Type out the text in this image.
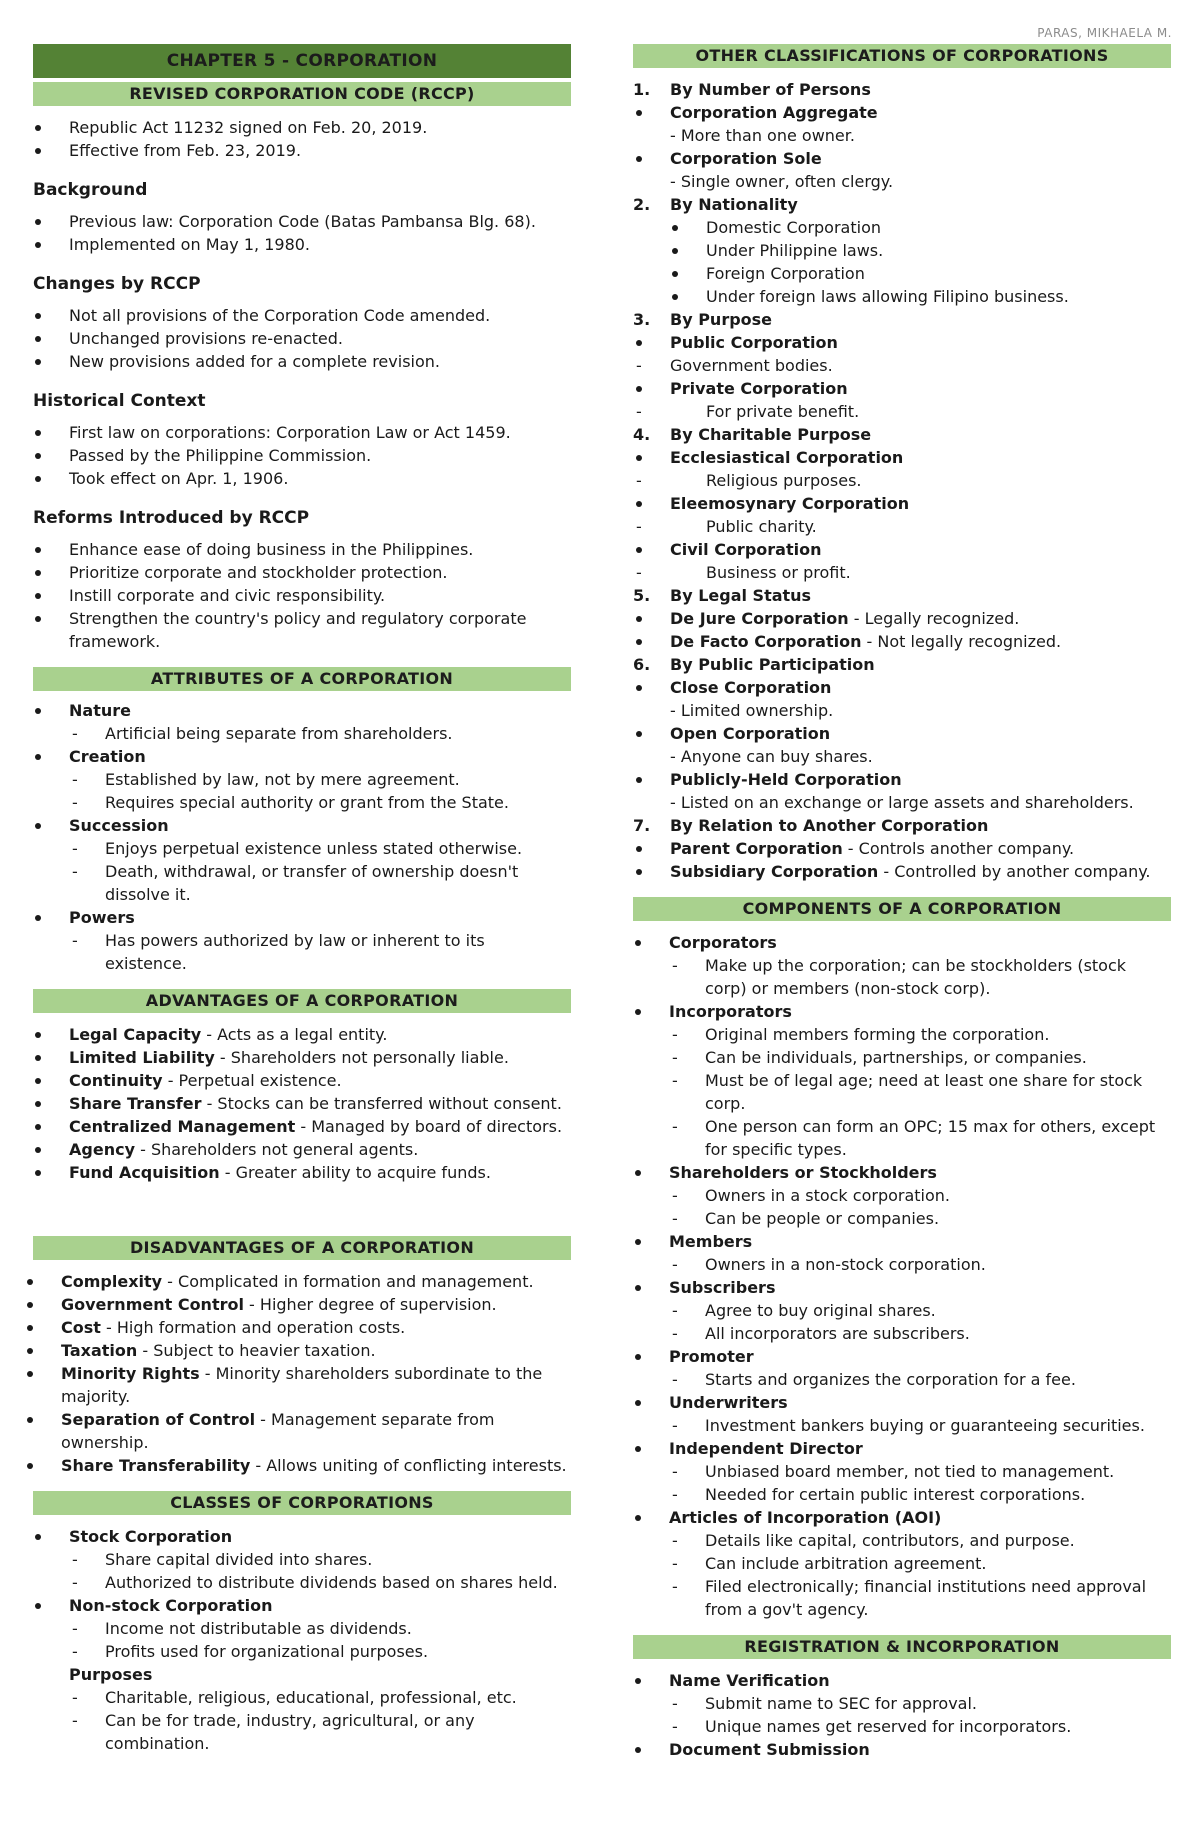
PARAS, MIKHAELA M.
CHAPTER 5 - CORPORATION
REVISED CORPORATION CODE (RCCP)
Republic Act 11232 signed on Feb. 20, 2019.
Effective from Feb. 23, 2019.
Background
Previous law: Corporation Code (Batas Pambansa Blg. 68).
Implemented on May 1, 1980.
Changes by RCCP
Not all provisions of the Corporation Code amended.
Unchanged provisions re-enacted.
New provisions added for a complete revision.
Historical Context
First law on corporations: Corporation Law or Act 1459.
Passed by the Philippine Commission.
Took effect on Apr. 1, 1906.
Reforms Introduced by RCCP
Enhance ease of doing business in the Philippines.
Prioritize corporate and stockholder protection.
Instill corporate and civic responsibility.
Strengthen the country's policy and regulatory corporate framework.
ATTRIBUTES OF A CORPORATION
Nature
- Artificial being separate from shareholders.
Creation
- Established by law, not by mere agreement.
- Requires special authority or grant from the State.
Succession
- Enjoys perpetual existence unless stated otherwise.
- Death, withdrawal, or transfer of ownership doesn't dissolve it.
Powers
- Has powers authorized by law or inherent to its existence.
ADVANTAGES OF A CORPORATION
Legal Capacity - Acts as a legal entity.
Limited Liability - Shareholders not personally liable.
Continuity - Perpetual existence.
Share Transfer - Stocks can be transferred without consent.
Centralized Management - Managed by board of directors.
Agency - Shareholders not general agents.
Fund Acquisition - Greater ability to acquire funds.
DISADVANTAGES OF A CORPORATION
Complexity - Complicated in formation and management.
Government Control - Higher degree of supervision.
Cost - High formation and operation costs.
Taxation - Subject to heavier taxation.
Minority Rights - Minority shareholders subordinate to the majority.
Separation of Control - Management separate from ownership.
Share Transferability - Allows uniting of conflicting interests.
CLASSES OF CORPORATIONS
Stock Corporation
- Share capital divided into shares.
- Authorized to distribute dividends based on shares held.
Non-stock Corporation
- Income not distributable as dividends.
- Profits used for organizational purposes.
Purposes
- Charitable, religious, educational, professional, etc.
- Can be for trade, industry, agricultural, or any combination.
OTHER CLASSIFICATIONS OF CORPORATIONS
1. By Number of Persons
Corporation Aggregate
- More than one owner.
Corporation Sole
- Single owner, often clergy.
2. By Nationality
Domestic Corporation
Under Philippine laws.
Foreign Corporation
Under foreign laws allowing Filipino business.
3. By Purpose
Public Corporation
- Government bodies.
Private Corporation
-	For private benefit.
4. By Charitable Purpose
Ecclesiastical Corporation
-	Religious purposes.
Eleemosynary Corporation
-	Public charity.
Civil Corporation
-	Business or profit.
5. By Legal Status
De Jure Corporation - Legally recognized.
De Facto Corporation - Not legally recognized.
6. By Public Participation
Close Corporation
- Limited ownership.
Open Corporation
- Anyone can buy shares.
Publicly-Held Corporation
- Listed on an exchange or large assets and shareholders.
7. By Relation to Another Corporation
Parent Corporation - Controls another company.
Subsidiary Corporation - Controlled by another company.
COMPONENTS OF A CORPORATION
Corporators
- Make up the corporation; can be stockholders (stock corp) or members (non-stock corp).
Incorporators
- Original members forming the corporation.
- Can be individuals, partnerships, or companies.
- Must be of legal age; need at least one share for stock corp.
- One person can form an OPC; 15 max for others, except for specific types.
Shareholders or Stockholders
- Owners in a stock corporation.
- Can be people or companies.
Members
- Owners in a non-stock corporation.
Subscribers
- Agree to buy original shares.
- All incorporators are subscribers.
Promoter
- Starts and organizes the corporation for a fee.
Underwriters
- Investment bankers buying or guaranteeing securities.
Independent Director
- Unbiased board member, not tied to management.
- Needed for certain public interest corporations.
Articles of Incorporation (AOI)
- Details like capital, contributors, and purpose.
- Can include arbitration agreement.
- Filed electronically; financial institutions need approval from a gov't agency.
REGISTRATION & INCORPORATION
Name Verification
- Submit name to SEC for approval.
- Unique names get reserved for incorporators.
Document Submission
